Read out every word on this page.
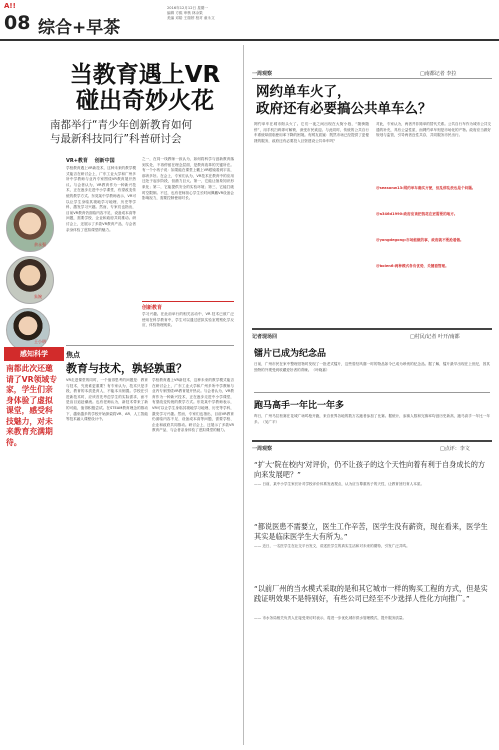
A!!
08 综合+早茶
2016年12月12日 星期一
编辑 方熙 审核 林余果
美编 邓皓 王瑞婷 校对 童永文
当教育遇上VR
碰出奇妙火花
南都举行“青少年创新教育如何
与最新科技同行”科普研讨会
余永强
朱婉
王小明
VR+教育 创新中国
学校教育遇上VR新技术，这种未来的教学模式能否在研讨会上，广东工业大学和广州多所中学教师与业内专家围绕VR教育展开热议。与会者认为，VR教育作为一种新兴技术，正在逐步走进中小学课堂，有望改变传统的教学方式。东莞某中学教师表示，VR可以让学生身临其境地学习地理、历史等学科，激发学习兴趣。然而，专家们也指出，目前VR教育仍面临内容不足、设备成本高等问题，需要学校、企业和政府共同推动。研讨会上，还展示了多款VR教育产品，与会者亲身体验了虚拟课堂的魅力。
之一，在同一线教师一致认为，如何将科学与创新教育落到实处，不再停留在理念层面，是教育改革的关键所在。有一个小孩子说：如果能在课堂上戴上VR眼镜看到宇宙，那该多好。在会上，专家们认为，VR技术在教育中的应用还处于起步阶段，但潜力巨大。第一，它能让抽象知识形象化；第二，它能提供安全的实验环境；第三，它能打破时空限制。不过，也有老师担心学生长时间佩戴VR设备会影响视力，需要控制使用时长。
创新教育
学习兴趣。在此前举行的相关活动中，VR 技术已被广泛使用在科学教育中，学生可以通过虚拟实验室观察化学反应，体验物理现象。
感知科学
南都此次还邀请了VR领域专家，学生们亲身体验了虚拟课堂，感受科技魅力，对未来教育充满期待。
焦点
教育与技术，孰轻孰重？
VR走进课堂的同时，一个值得思考的问题是：教育与技术，究竟谁更重要？有专家认为，技术只是手段，教育的本质是育人，不能本末倒置。学校在引进新技术时，应该首先考虑学生的实际需求，而不是盲目追赶潮流。也有老师认为，新技术带来了新的可能，值得积极尝试。在STEAM教育理念的推动下，越来越多的学校开始探索将VR、AR、人工智能等技术融入课程设计中。
学校教育遇上VR新技术，这种未来的教学模式能否在研讨会上，广东工业大学和广州多所中学教师与业内专家围绕VR教育展开热议。与会者认为，VR教育作为一种新兴技术，正在逐步走进中小学课堂，有望改变传统的教学方式。东莞某中学教师表示，VR可以让学生身临其境地学习地理、历史等学科，激发学习兴趣。然而，专家们也指出，目前VR教育仍面临内容不足、设备成本高等问题，需要学校、企业和政府共同推动。研讨会上，还展示了多款VR教育产品，与会者亲身体验了虚拟课堂的魅力。
一周观察	□南都记者 李拉
网约单车火了，
政府还有必要搞公共单车么？
网约单车在城市街头火了。它们一夜之间出现在大街小巷，“随骑随停”，用手机扫码即可解锁，深受市民欢迎。与此同时，传统的公共自行车系统却面临使用率下降的困境。有网友质疑：既然市场已经提供了更便捷的服务，政府还有必要投入巨资建设公共单车吗？
对此，专家认为，两者并非简单的替代关系。公共自行车作为城市公共交通的补充，具有公益性质，而网约单车则是市场化的产物。政府应当做好规划与监管，引导两者良性共存，共同服务市民出行。
@seasonw13:网约单车确实方便，但乱停乱放也是个问题。
@a346d1990:政府应该把钱花在更需要的地方。
@yongdegong:市场能做的事，政府就不要抢着做。
@bolen6:两种模式各有优势，关键看管理。
记者现场回	□村民/记者 叶开/南都
镭片已成为纪念品
日前，广州市民在家中整理旧物时发现了一批老式镭片，这些曾经风靡一时的物品如今已成为珍贵的纪念品。据了解，镭片最早出现在上世纪，因其独特的外观受到收藏爱好者的青睐。（叶晓嘉）
跑马高手一年比一年多
昨日，广州马拉松赛在花城广场鸣枪开跑，来自世界各地的数万名跑者参加了比赛。据统计，参赛人数和完赛率均创历史新高，跑马高手一年比一年多。（吴广平）
一周观察	□点评：李文
“扩大‘院在校内’对评价，仍不让孩子的这个天性向着有利于自身成长的方向来发展吧？”
—— 日前，某中小学生家长针对学校评价体系发表观点，认为应当尊重孩子的天性，让教育回归育人本质。
“都说医患不需要立，医生工作辛苦，医学生没有薪资，现在看来，医学生其实是临床医学生大有所为。”
—— 近日，一名医学生在社交平台发文，讲述医学生的真实生活和对未来的期待，引发广泛共鸣。
“以前厂州的当水模式采取的是和其它城市一样的购买工程的方式，但是实践证明效果不是特别好，有些公司已经至不少选择人性化方向推广。”
—— 市水务局相关负责人在接受采访时表示，将进一步优化城市供水管理模式，提升服务质量。
